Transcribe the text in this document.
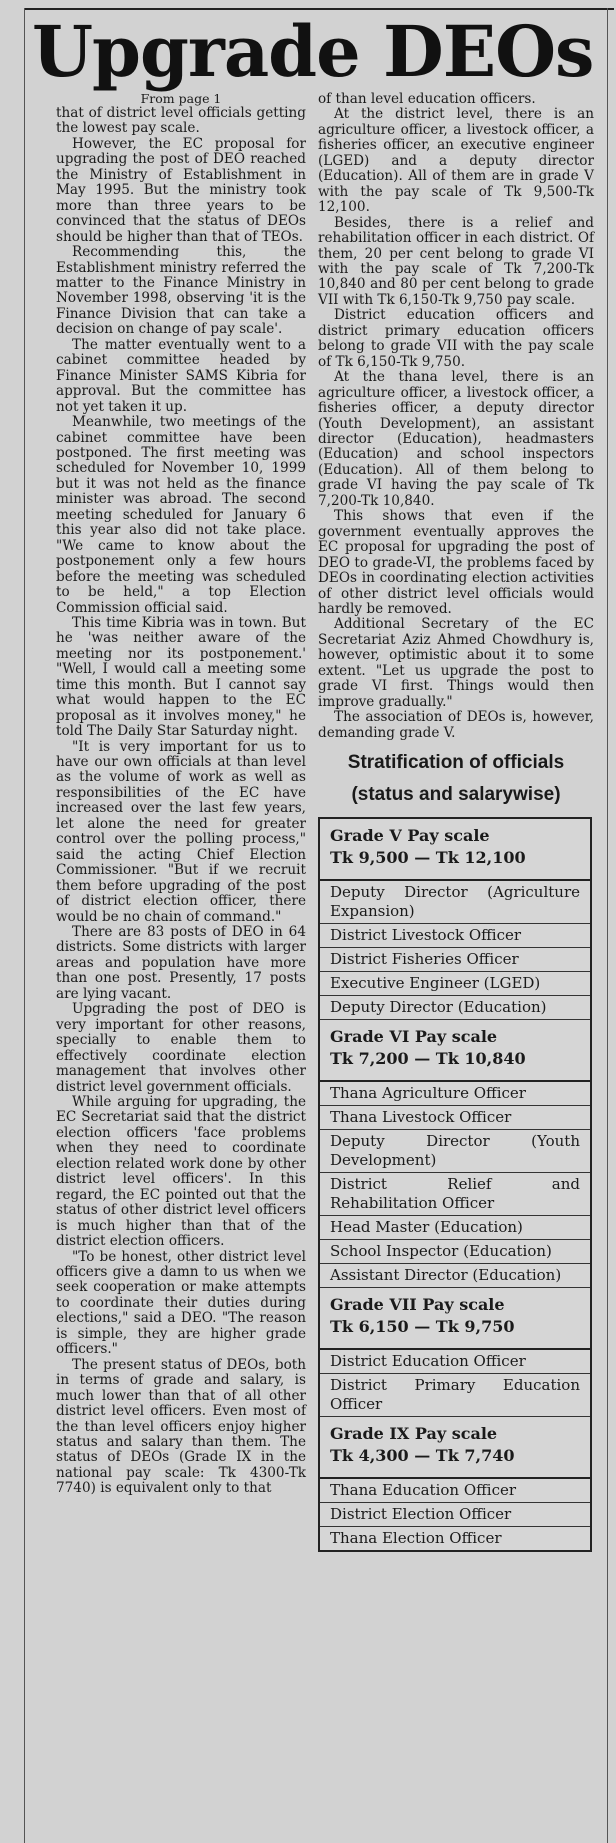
Upgrade DEOs
From page 1

that of district level officials getting the lowest pay scale.

However, the EC proposal for upgrading the post of DEO reached the Ministry of Establishment in May 1995. But the ministry took more than three years to be convinced that the status of DEOs should be higher than that of TEOs.

Recommending this, the Establishment ministry referred the matter to the Finance Ministry in November 1998, observing 'it is the Finance Division that can take a decision on change of pay scale'.

The matter eventually went to a cabinet committee headed by Finance Minister SAMS Kibria for approval. But the committee has not yet taken it up.

Meanwhile, two meetings of the cabinet committee have been postponed. The first meeting was scheduled for November 10, 1999 but it was not held as the finance minister was abroad. The second meeting scheduled for January 6 this year also did not take place. "We came to know about the postponement only a few hours before the meeting was scheduled to be held," a top Election Commission official said.

This time Kibria was in town. But he 'was neither aware of the meeting nor its postponement.' "Well, I would call a meeting some time this month. But I cannot say what would happen to the EC proposal as it involves money," he told The Daily Star Saturday night.

"It is very important for us to have our own officials at than level as the volume of work as well as responsibilities of the EC have increased over the last few years, let alone the need for greater control over the polling process," said the acting Chief Election Commissioner. "But if we recruit them before upgrading of the post of district election officer, there would be no chain of command."

There are 83 posts of DEO in 64 districts. Some districts with larger areas and population have more than one post. Presently, 17 posts are lying vacant.

Upgrading the post of DEO is very important for other reasons, specially to enable them to effectively coordinate election management that involves other district level government officials.

While arguing for upgrading, the EC Secretariat said that the district election officers 'face problems when they need to coordinate election related work done by other district level officers'. In this regard, the EC pointed out that the status of other district level officers is much higher than that of the district election officers.

"To be honest, other district level officers give a damn to us when we seek cooperation or make attempts to coordinate their duties during elections," said a DEO. "The reason is simple, they are higher grade officers."

The present status of DEOs, both in terms of grade and salary, is much lower than that of all other district level officers. Even most of the than level officers enjoy higher status and salary than them. The status of DEOs (Grade IX in the national pay scale: Tk 4300-Tk 7740) is equivalent only to that

of than level education officers.

At the district level, there is an agriculture officer, a livestock officer, a fisheries officer, an executive engineer (LGED) and a deputy director (Education). All of them are in grade V with the pay scale of Tk 9,500-Tk 12,100.

Besides, there is a relief and rehabilitation officer in each district. Of them, 20 per cent belong to grade VI with the pay scale of Tk 7,200-Tk 10,840 and 80 per cent belong to grade VII with Tk 6,150-Tk 9,750 pay scale.

District education officers and district primary education officers belong to grade VII with the pay scale of Tk 6,150-Tk 9,750.

At the thana level, there is an agriculture officer, a livestock officer, a fisheries officer, a deputy director (Youth Development), an assistant director (Education), headmasters (Education) and school inspectors (Education). All of them belong to grade VI having the pay scale of Tk 7,200-Tk 10,840.

This shows that even if the government eventually approves the EC proposal for upgrading the post of DEO to grade-VI, the problems faced by DEOs in coordinating election activities of other district level officials would hardly be removed.

Additional Secretary of the EC Secretariat Aziz Ahmed Chowdhury is, however, optimistic about it to some extent. "Let us upgrade the post to grade VI first. Things would then improve gradually."

The association of DEOs is, however, demanding grade V.

Stratification of officials
(status and salarywise)
Grade V Pay scale
Tk 9,500 — Tk 12,100
Deputy Director (Agriculture Expansion)
District Livestock Officer
District Fisheries Officer
Executive Engineer (LGED)
Deputy Director (Education)
Grade VI Pay scale
Tk 7,200 — Tk 10,840
Thana Agriculture Officer
Thana Livestock Officer
Deputy Director (Youth Development)
District Relief and Rehabilitation Officer
Head Master (Education)
School Inspector (Education)
Assistant Director (Education)
Grade VII Pay scale
Tk 6,150 — Tk 9,750
District Education Officer
District Primary Education Officer
Grade IX Pay scale
Tk 4,300 — Tk 7,740
Thana Education Officer
District Election Officer
Thana Election Officer
